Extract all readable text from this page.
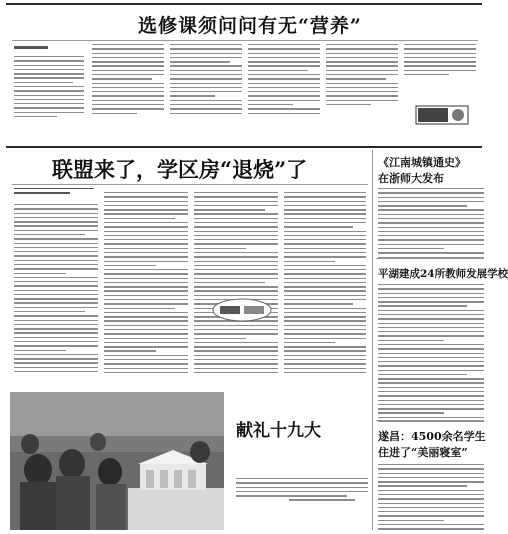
选修课须问问有无“营养”
联盟来了，学区房“退烧”了
献礼十九大
《江南城镇通史》
在浙师大发布
平湖建成24所教师发展学校
遂昌：4500余名学生
住进了“美丽寝室”
